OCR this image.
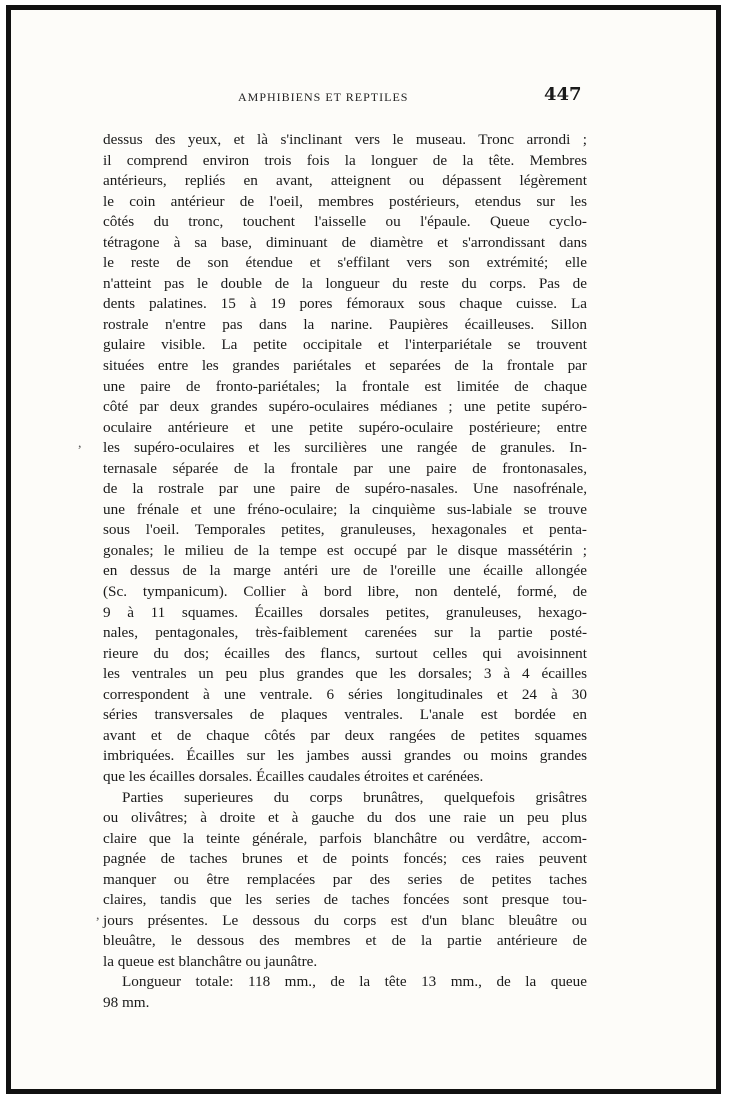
AMPHIBIENS ET REPTILES	447
,
,
dessus des yeux, et là s'inclinant vers le museau. Tronc arrondi ;
il comprend environ trois fois la longuer de la tête. Membres
antérieurs, repliés en avant, atteignent ou dépassent légèrement
le coin antérieur de l'oeil, membres postérieurs, etendus sur les
côtés du tronc, touchent l'aisselle ou l'épaule. Queue cyclo-
tétragone à sa base, diminuant de diamètre et s'arrondissant dans
le reste de son étendue et s'effilant vers son extrémité; elle
n'atteint pas le double de la longueur du reste du corps. Pas de
dents palatines. 15 à 19 pores fémoraux sous chaque cuisse. La
rostrale n'entre pas dans la narine. Paupières écailleuses. Sillon
gulaire visible. La petite occipitale et l'interpariétale se trouvent
situées entre les grandes pariétales et separées de la frontale par
une paire de fronto-pariétales; la frontale est limitée de chaque
côté par deux grandes supéro-oculaires médianes ; une petite supéro-
oculaire antérieure et une petite supéro-oculaire postérieure; entre
les supéro-oculaires et les surcilières une rangée de granules. In-
ternasale séparée de la frontale par une paire de frontonasales,
de la rostrale par une paire de supéro-nasales. Une nasofrénale,
une frénale et une fréno-oculaire; la cinquième sus-labiale se trouve
sous l'oeil. Temporales petites, granuleuses, hexagonales et penta-
gonales; le milieu de la tempe est occupé par le disque massétérin ;
en dessus de la marge antéri ure de l'oreille une écaille allongée
(Sc. tympanicum). Collier à bord libre, non dentelé, formé, de
9 à 11 squames. Écailles dorsales petites, granuleuses, hexago-
nales, pentagonales, très-faiblement carenées sur la partie posté-
rieure du dos; écailles des flancs, surtout celles qui avoisinnent
les ventrales un peu plus grandes que les dorsales; 3 à 4 écailles
correspondent à une ventrale. 6 séries longitudinales et 24 à 30
séries transversales de plaques ventrales. L'anale est bordée en
avant et de chaque côtés par deux rangées de petites squames
imbriquées. Écailles sur les jambes aussi grandes ou moins grandes
que les écailles dorsales. Écailles caudales étroites et carénées.
Parties superieures du corps brunâtres, quelquefois grisâtres
ou olivâtres; à droite et à gauche du dos une raie un peu plus
claire que la teinte générale, parfois blanchâtre ou verdâtre, accom-
pagnée de taches brunes et de points foncés; ces raies peuvent
manquer ou être remplacées par des series de petites taches
claires, tandis que les series de taches foncées sont presque tou-
jours présentes. Le dessous du corps est d'un blanc bleuâtre ou
bleuâtre, le dessous des membres et de la partie antérieure de
la queue est blanchâtre ou jaunâtre.
Longueur totale: 118 mm., de la tête 13 mm., de la queue
98 mm.
